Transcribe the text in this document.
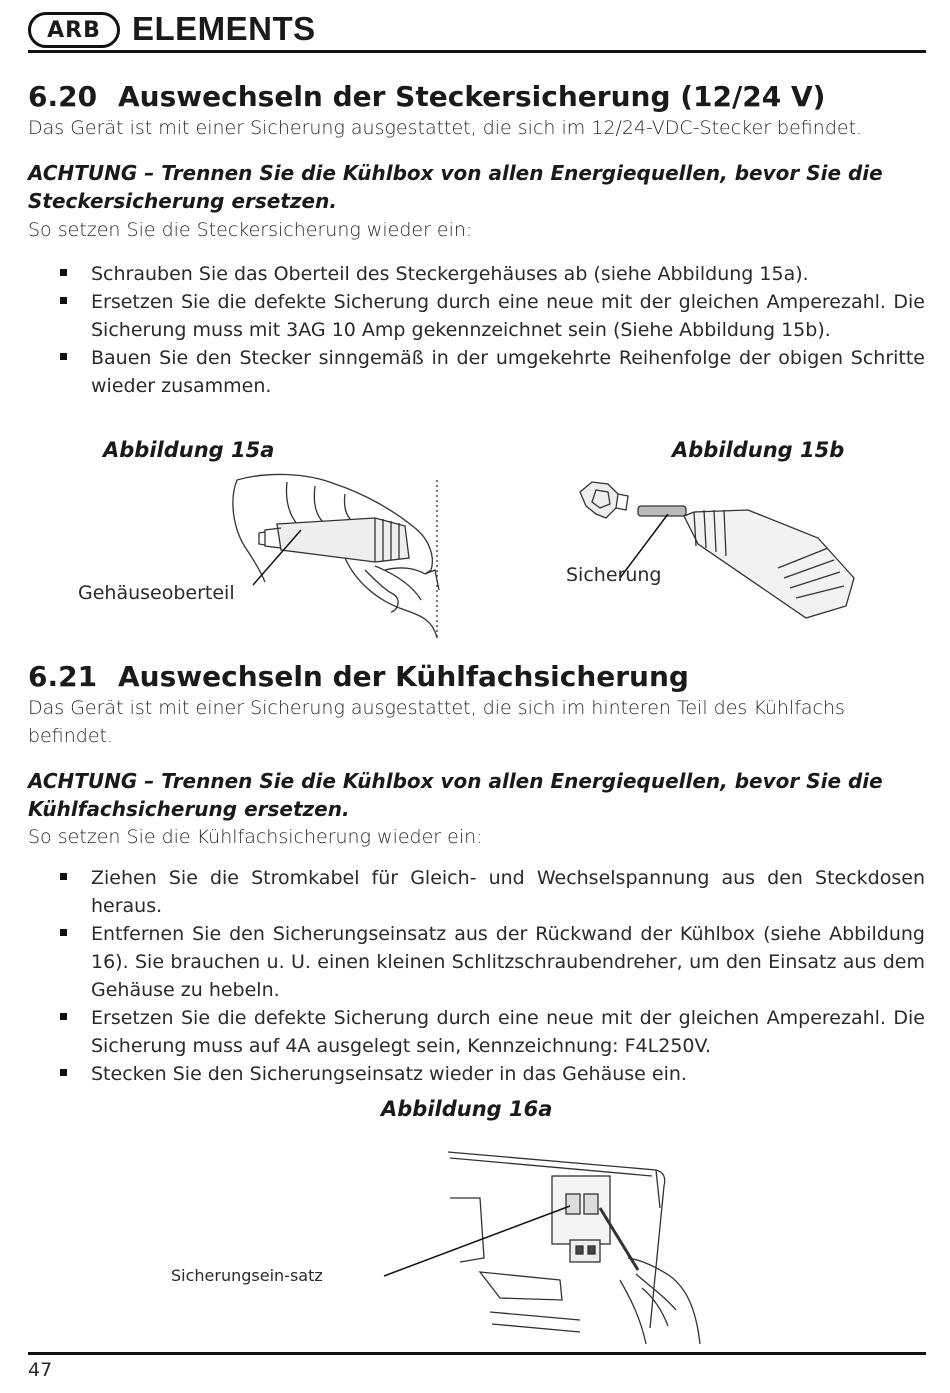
ARB ELEMENTS
6.20 Auswechseln der Steckersicherung (12/24 V)
Das Gerät ist mit einer Sicherung ausgestattet, die sich im 12/24-VDC-Stecker befindet.
ACHTUNG – Trennen Sie die Kühlbox von allen Energiequellen, bevor Sie die Steckersicherung ersetzen.
So setzen Sie die Steckersicherung wieder ein:
Schrauben Sie das Oberteil des Steckergehäuses ab (siehe Abbildung 15a).
Ersetzen Sie die defekte Sicherung durch eine neue mit der gleichen Amperezahl. Die Sicherung muss mit 3AG 10 Amp gekennzeichnet sein (Siehe Abbildung 15b).
Bauen Sie den Stecker sinngemäß in der umgekehrte Reihenfolge der obigen Schritte wieder zusammen.
Abbildung 15a	Abbildung 15b
Gehäuseoberteil
Sicherung
6.21 Auswechseln der Kühlfachsicherung
Das Gerät ist mit einer Sicherung ausgestattet, die sich im hinteren Teil des Kühlfachs befindet.
ACHTUNG – Trennen Sie die Kühlbox von allen Energiequellen, bevor Sie die Kühlfachsicherung ersetzen.
So setzen Sie die Kühlfachsicherung wieder ein:
Ziehen Sie die Stromkabel für Gleich- und Wechselspannung aus den Steckdosen heraus.
Entfernen Sie den Sicherungseinsatz aus der Rückwand der Kühlbox (siehe Abbildung 16). Sie brauchen u. U. einen kleinen Schlitzschraubendreher, um den Einsatz aus dem Gehäuse zu hebeln.
Ersetzen Sie die defekte Sicherung durch eine neue mit der gleichen Amperezahl. Die Sicherung muss auf 4A ausgelegt sein, Kennzeichnung: F4L250V.
Stecken Sie den Sicherungseinsatz wieder in das Gehäuse ein.
Abbildung 16a
Sicherungsein-satz
47
